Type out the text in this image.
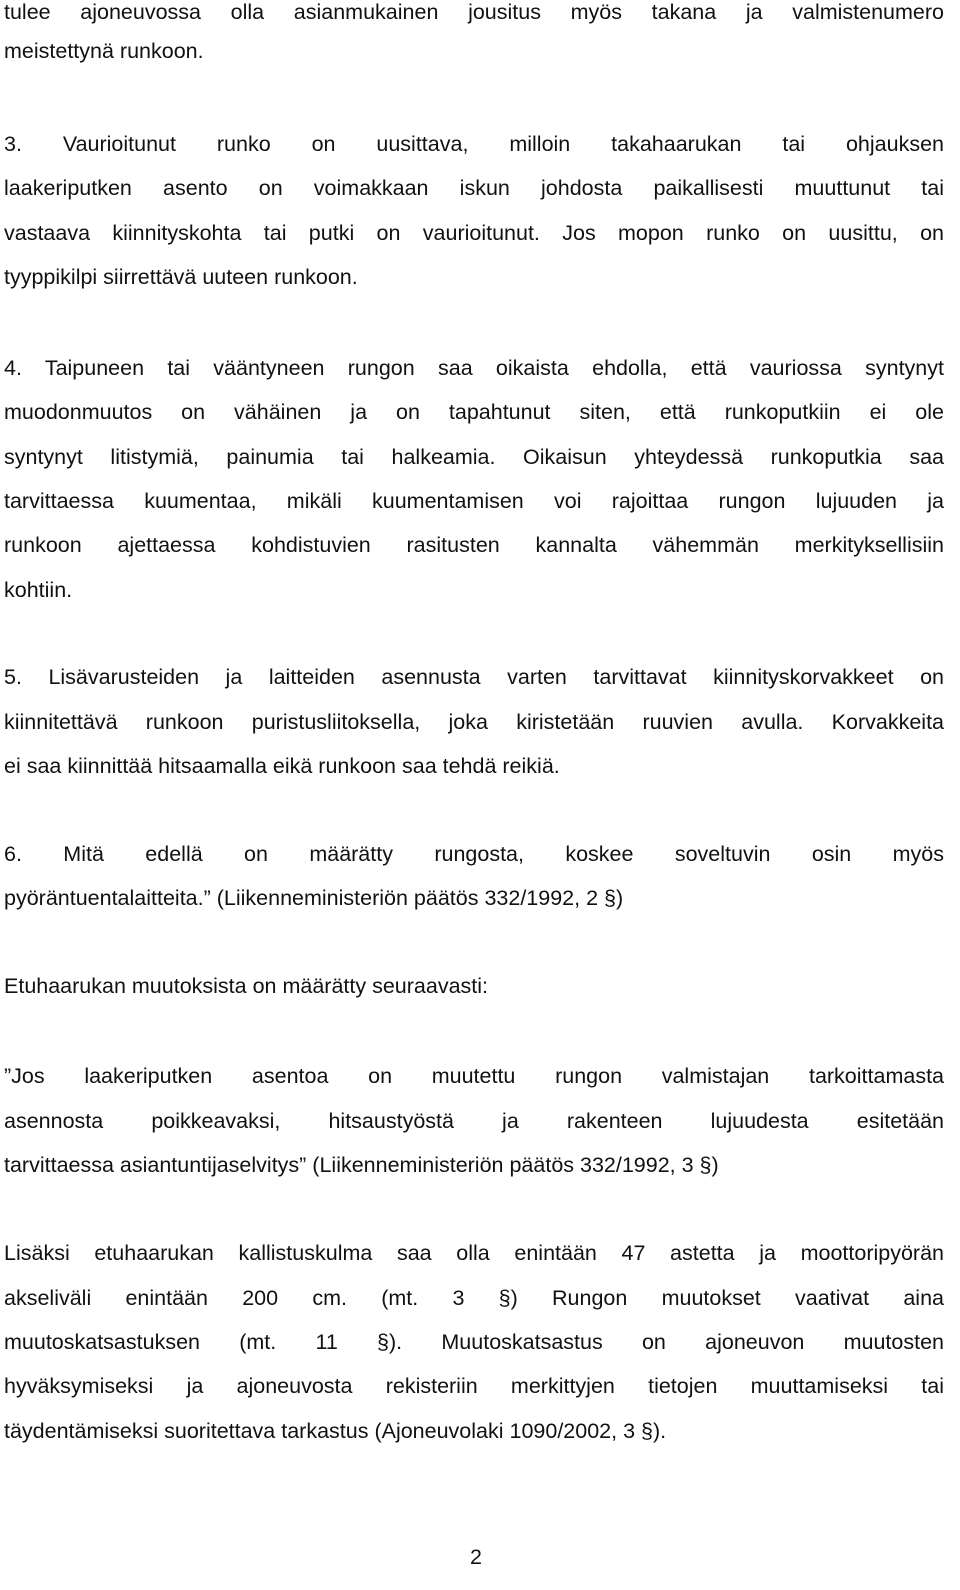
tulee ajoneuvossa olla asianmukainen jousitus myös takana ja valmistenumero
meistettynä runkoon.
3. Vaurioitunut runko on uusittava, milloin takahaarukan tai ohjauksen
laakeriputken asento on voimakkaan iskun johdosta paikallisesti muuttunut tai
vastaava kiinnityskohta tai putki on vaurioitunut. Jos mopon runko on uusittu, on
tyyppikilpi siirrettävä uuteen runkoon.
4. Taipuneen tai vääntyneen rungon saa oikaista ehdolla, että vauriossa syntynyt
muodonmuutos on vähäinen ja on tapahtunut siten, että runkoputkiin ei ole
syntynyt litistymiä, painumia tai halkeamia. Oikaisun yhteydessä runkoputkia saa
tarvittaessa kuumentaa, mikäli kuumentamisen voi rajoittaa rungon lujuuden ja
runkoon ajettaessa kohdistuvien rasitusten kannalta vähemmän merkityksellisiin
kohtiin.
5. Lisävarusteiden ja laitteiden asennusta varten tarvittavat kiinnityskorvakkeet on
kiinnitettävä runkoon puristusliitoksella, joka kiristetään ruuvien avulla. Korvakkeita
ei saa kiinnittää hitsaamalla eikä runkoon saa tehdä reikiä.
6. Mitä edellä on määrätty rungosta, koskee soveltuvin osin myös
pyöräntuentalaitteita.” (Liikenneministeriön päätös 332/1992, 2 §)
Etuhaarukan muutoksista on määrätty seuraavasti:
”Jos laakeriputken asentoa on muutettu rungon valmistajan tarkoittamasta
asennosta poikkeavaksi, hitsaustyöstä ja rakenteen lujuudesta esitetään
tarvittaessa asiantuntijaselvitys” (Liikenneministeriön päätös 332/1992, 3 §)
Lisäksi etuhaarukan kallistuskulma saa olla enintään 47 astetta ja moottoripyörän
akseliväli enintään 200 cm. (mt. 3 §) Rungon muutokset vaativat aina
muutoskatsastuksen (mt. 11 §). Muutoskatsastus on ajoneuvon muutosten
hyväksymiseksi ja ajoneuvosta rekisteriin merkittyjen tietojen muuttamiseksi tai
täydentämiseksi suoritettava tarkastus (Ajoneuvolaki 1090/2002, 3 §).
2
